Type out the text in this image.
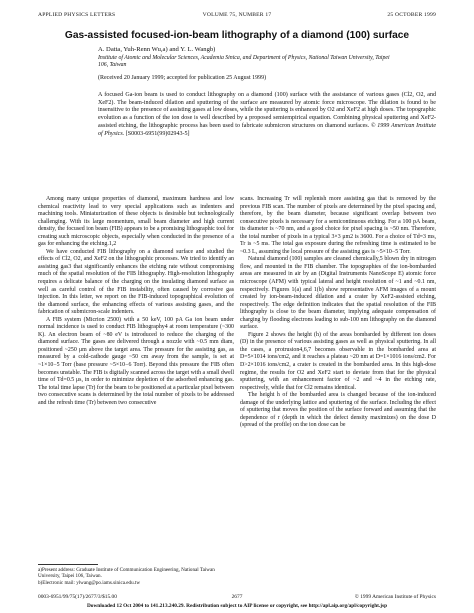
APPLIED PHYSICS LETTERS	VOLUME 75, NUMBER 17	25 OCTOBER 1999
Gas-assisted focused-ion-beam lithography of a diamond (100) surface
A. Datta, Yuh-Renn Wu,a) and Y. L. Wangb)
Institute of Atomic and Molecular Sciences, Academia Sinica, and Department of Physics, National Taiwan University, Taipei 106, Taiwan
(Received 20 January 1999; accepted for publication 25 August 1999)

A focused Ga-ion beam is used to conduct lithography on a diamond (100) surface with the assistance of various gases (Cl2, O2, and XeF2). The beam-induced dilation and sputtering of the surface are measured by atomic force microscope. The dilation is found to be insensitive to the presence of assisting gases at low doses, while the sputtering is enhanced by O2 and XeF2 at high doses. The topographic evolution as a function of the ion dose is well described by a proposed semiempirical equation. Combining physical sputtering and XeF2-assisted etching, the lithographic process has been used to fabricate submicron structures on diamond surfaces. © 1999 American Institute of Physics. [S0003-6951(99)02943-5]

Among many unique properties of diamond, maximum hardness and low chemical reactivity lead to very special applications such as indenters and machining tools. Miniaturization of these objects is desirable but technologically challenging. With its large momentum, small beam diameter and high current density, the focused ion beam (FIB) appears to be a promising lithographic tool for creating such microscopic objects, especially when conducted in the presence of a gas for enhancing the etching.1,2

We have conducted FIB lithography on a diamond surface and studied the effects of Cl2, O2, and XeF2 on the lithographic processes. We tried to identify an assisting gas3 that significantly enhances the etching rate without compromising much of the spatial resolution of the FIB lithography. High-resolution lithography requires a delicate balance of the charging on the insulating diamond surface as well as careful control of the FIB instability, often caused by corrosive gas injection. In this letter, we report on the FIB-induced topographical evolution of the diamond surface, the enhancing effects of various assisting gases, and the fabrication of submicron-scale indenters.

A FIB system (Micrion 2500) with a 50 keV, 100 pA Ga ion beam under normal incidence is used to conduct FIB lithography4 at room temperature (~300 K). An electron beam of ~80 eV is introduced to reduce the charging of the diamond surface. The gases are delivered through a nozzle with ~0.5 mm diam, positioned ~250 μm above the target area. The pressure for the assisting gas, as measured by a cold-cathode gauge ~50 cm away from the sample, is set at ~1×10−5 Torr (base pressure ~5×10−6 Torr). Beyond this pressure the FIB often becomes unstable. The FIB is digitally scanned across the target with a small dwell time of Td=0.5 μs, in order to minimize depletion of the adsorbed enhancing gas. The total time lapse (Tr) for the beam to be positioned at a particular pixel between two consecutive scans is determined by the total number of pixels to be addressed and the refresh time (Tr) between two consecutive

scans. Increasing Tr will replenish more assisting gas that is removed by the previous FIB scan. The number of pixels are determined by the pixel spacing and, therefore, by the beam diameter, because significant overlap between two consecutive pixels is necessary for a semicontinuous etching. For a 100 pA beam, its diameter is ~70 nm, and a good choice for pixel spacing is ~50 nm. Therefore, the total number of pixels in a typical 3×3 μm2 is 3600. For a choice of Td=3 ms, Tr is ~5 ms. The total gas exposure during the refreshing time is estimated to be ~0.3 L, assuming the local pressure of the assisting gas is ~5×10−5 Torr.

Natural diamond (100) samples are cleaned chemically,5 blown dry in nitrogen flow, and mounted in the FIB chamber. The topographies of the ion-bombarded areas are measured in air by an (Digital Instruments NanoScope E) atomic force microscope (AFM) with typical lateral and height resolution of ~1 and ~0.1 nm, respectively. Figures 1(a) and 1(b) show representative AFM images of a mount created by ion-beam-induced dilation and a crater by XeF2-assisted etching, respectively. The edge definition indicates that the spatial resolution of the FIB lithography is close to the beam diameter, implying adequate compensation of charging by flooding electrons leading to sub-100 nm lithography on the diamond surface.

Figure 2 shows the height (h) of the areas bombarded by different ion doses (D) in the presence of various assisting gases as well as physical sputtering. In all the cases, a protrusion4,6,7 becomes observable in the bombarded area at D=5×1014 ions/cm2, and it reaches a plateau ~20 nm at D=1×1016 ions/cm2. For D>2×1016 ions/cm2, a crater is created in the bombarded area. In this high-dose regime, the results for O2 and XeF2 start to deviate from that for the physical sputtering, with an enhancement factor of ~2 and ~4 in the etching rate, respectively, while that for Cl2 remains identical.

The height h of the bombarded area is changed because of the ion-induced damage of the underlying lattice and sputtering of the surface. Including the effect of sputtering that moves the position of the surface forward and assuming that the dependence of r (depth in which the defect density maximizes) on the dose D (spread of the profile) on the ion dose can be

a)Present address: Graduate Institute of Communication Engineering, National Taiwan University, Taipei 106, Taiwan.

b)Electronic mail: ylwang@po.iams.sinica.edu.tw

0003-6951/99/75(17)/2677/3/$15.00	2677	© 1999 American Institute of Physics
Downloaded 12 Oct 2004 to 141.213.240.29. Redistribution subject to AIP license or copyright, see http://apl.aip.org/apl/copyright.jsp
